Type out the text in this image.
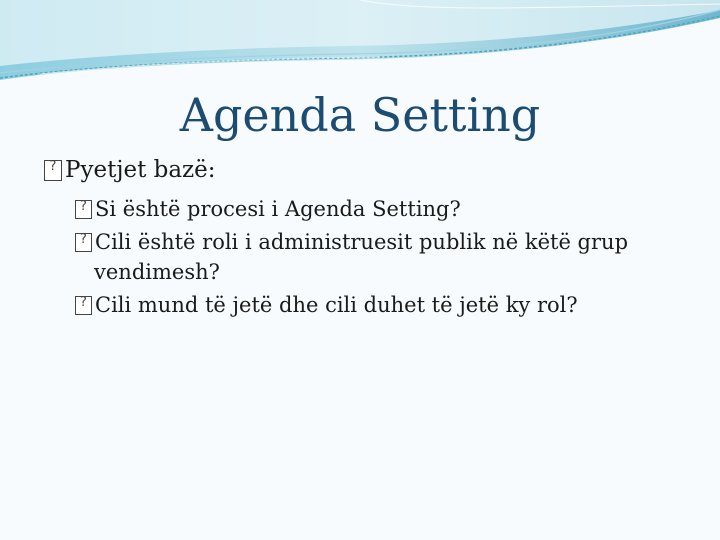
Agenda Setting
?Pyetjet bazë:
?Si është procesi i Agenda Setting?
?Cili është roli i administruesit publik në këtë grup
vendimesh?
?Cili mund të jetë dhe cili duhet të jetë ky rol?
